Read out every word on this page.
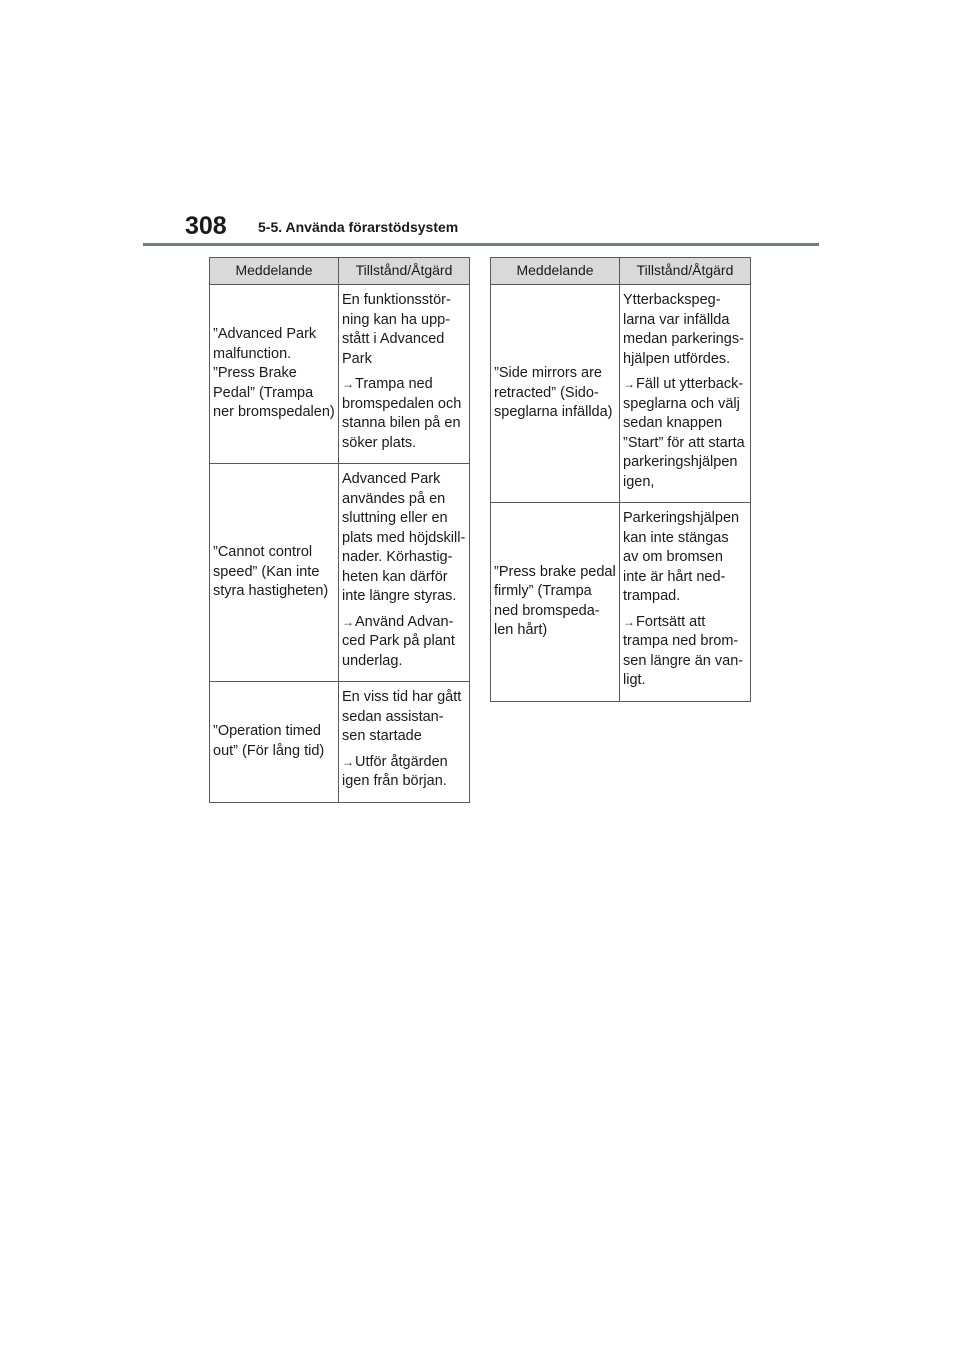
308 5-5. Använda förarstödsystem
Meddelande	Tillstånd/Åtgärd

”Advanced Park malfunction.
”Press Brake Pedal” (Trampa ner bromspedalen)	En funktionsstör-ning kan ha upp-stått i Advanced Park
→Trampa ned bromspedalen och stanna bilen på en söker plats.

”Cannot control speed” (Kan inte styra hastigheten)	Advanced Park användes på en sluttning eller en plats med höjdskill-nader. Körhastig-heten kan därför inte längre styras.
→Använd Advan-ced Park på plant underlag.

”Operation timed out” (För lång tid)	En viss tid har gått sedan assistan-sen startade
→Utför åtgärden igen från början.
Meddelande	Tillstånd/Åtgärd

”Side mirrors are retracted” (Sido-speglarna infällda)	Ytterbackspeg-larna var infällda medan parkerings-hjälpen utfördes.
→Fäll ut ytterback-speglarna och välj sedan knappen ”Start” för att starta parkeringshjälpen igen,

”Press brake pedal firmly” (Trampa ned bromspeda-len hårt)	Parkeringshjälpen kan inte stängas av om bromsen inte är hårt ned-trampad.
→Fortsätt att trampa ned brom-sen längre än van-ligt.
